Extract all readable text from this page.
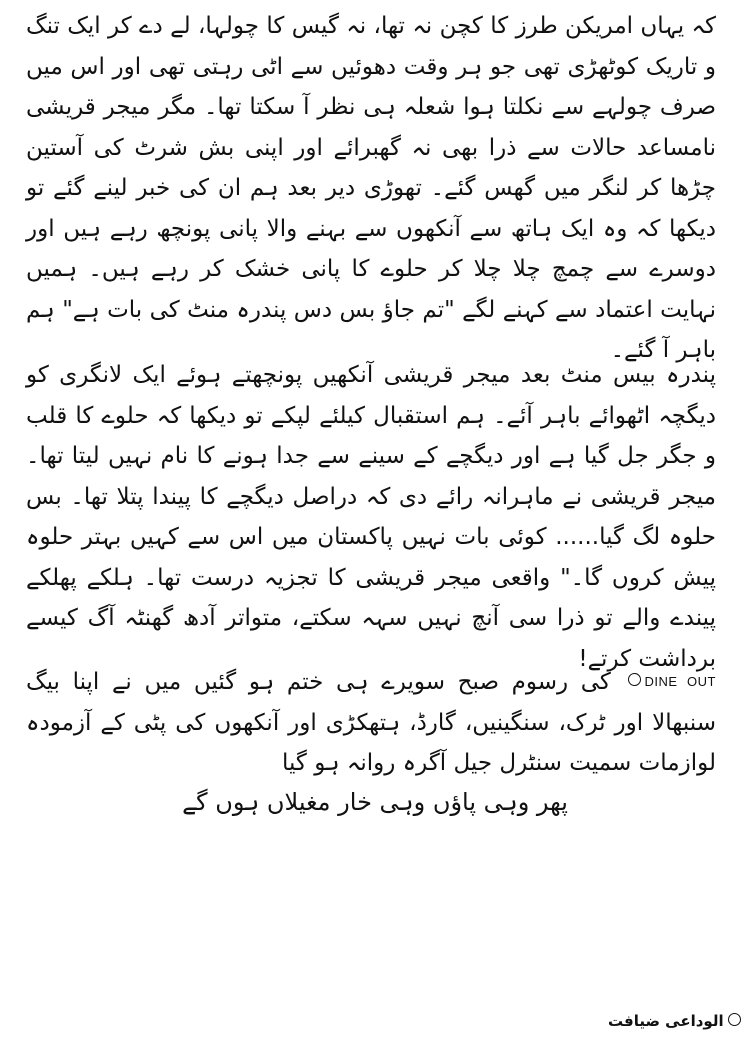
کہ یہاں امریکن طرز کا کچن نہ تھا، نہ گیس کا چولہا، لے دے کر ایک تنگ و تاریک کوٹھڑی تھی جو ہر وقت دھوئیں سے اٹی رہتی تھی اور اس میں صرف چولہے سے نکلتا ہوا شعلہ ہی نظر آ سکتا تھا۔ مگر میجر قریشی نامساعد حالات سے ذرا بھی نہ گھبرائے اور اپنی بش شرٹ کی آستین چڑھا کر لنگر میں گھس گئے۔ تھوڑی دیر بعد ہم ان کی خبر لینے گئے تو دیکھا کہ وہ ایک ہاتھ سے آنکھوں سے بہنے والا پانی پونچھ رہے ہیں اور دوسرے سے چمچ چلا چلا کر حلوے کا پانی خشک کر رہے ہیں۔ ہمیں نہایت اعتماد سے کہنے لگے "تم جاؤ بس دس پندرہ منٹ کی بات ہے" ہم باہر آ گئے۔

پندرہ بیس منٹ بعد میجر قریشی آنکھیں پونچھتے ہوئے ایک لانگری کو دیگچہ اٹھوائے باہر آئے۔ ہم استقبال کیلئے لپکے تو دیکھا کہ حلوے کا قلب و جگر جل گیا ہے اور دیگچے کے سینے سے جدا ہونے کا نام نہیں لیتا تھا۔ میجر قریشی نے ماہرانہ رائے دی کہ دراصل دیگچے کا پیندا پتلا تھا۔ بس حلوہ لگ گیا...... کوئی بات نہیں پاکستان میں اس سے کہیں بہتر حلوہ پیش کروں گا۔" واقعی میجر قریشی کا تجزیہ درست تھا۔ ہلکے پھلکے پیندے والے تو ذرا سی آنچ نہیں سہہ سکتے، متواتر آدھ گھنٹہ آگ کیسے برداشت کرتے!

DINE OUT کی رسوم صبح سویرے ہی ختم ہو گئیں میں نے اپنا بیگ سنبھالا اور ٹرک، سنگینیں، گارڈ، ہتھکڑی اور آنکھوں کی پٹی کے آزمودہ لوازمات سمیت سنٹرل جیل آگرہ روانہ ہو گیا

پھر وہی پاؤں وہی خار مغیلاں ہوں گے

الوداعی ضیافت
